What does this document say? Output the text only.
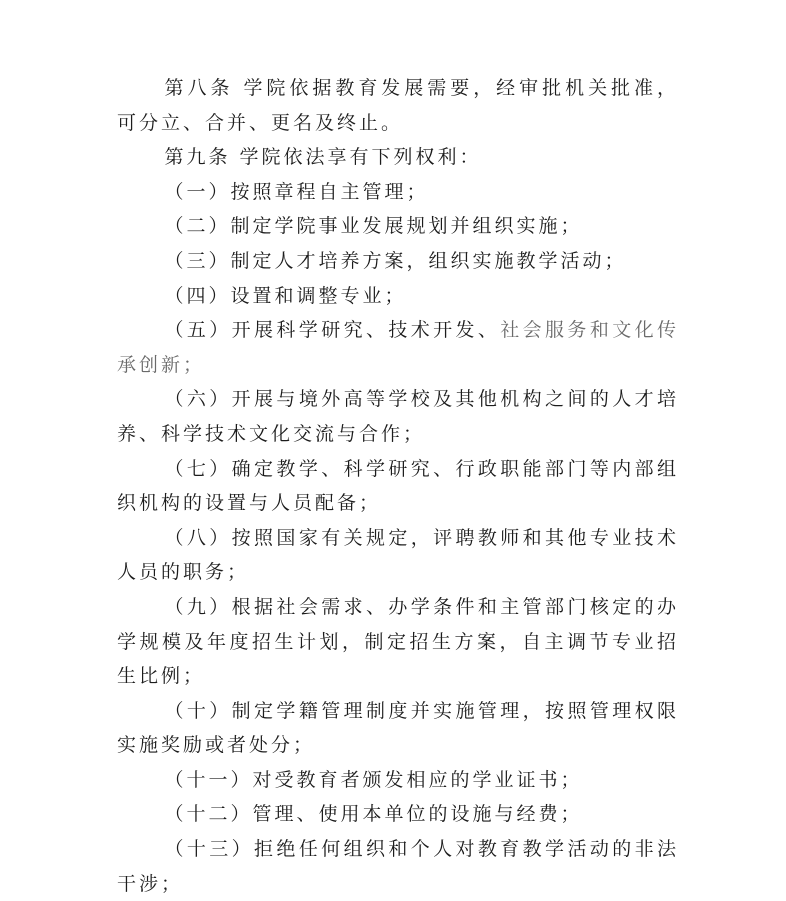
第八条 学院依据教育发展需要，经审批机关批准，可分立、合并、更名及终止。

第九条 学院依法享有下列权利：

（一）按照章程自主管理；

（二）制定学院事业发展规划并组织实施；

（三）制定人才培养方案，组织实施教学活动；

（四）设置和调整专业；

（五）开展科学研究、技术开发、社会服务和文化传承创新；

（六）开展与境外高等学校及其他机构之间的人才培养、科学技术文化交流与合作；

（七）确定教学、科学研究、行政职能部门等内部组织机构的设置与人员配备；

（八）按照国家有关规定，评聘教师和其他专业技术人员的职务；

（九）根据社会需求、办学条件和主管部门核定的办学规模及年度招生计划，制定招生方案，自主调节专业招生比例；

（十）制定学籍管理制度并实施管理，按照管理权限实施奖励或者处分；

（十一）对受教育者颁发相应的学业证书；

（十二）管理、使用本单位的设施与经费；

（十三）拒绝任何组织和个人对教育教学活动的非法干涉；
